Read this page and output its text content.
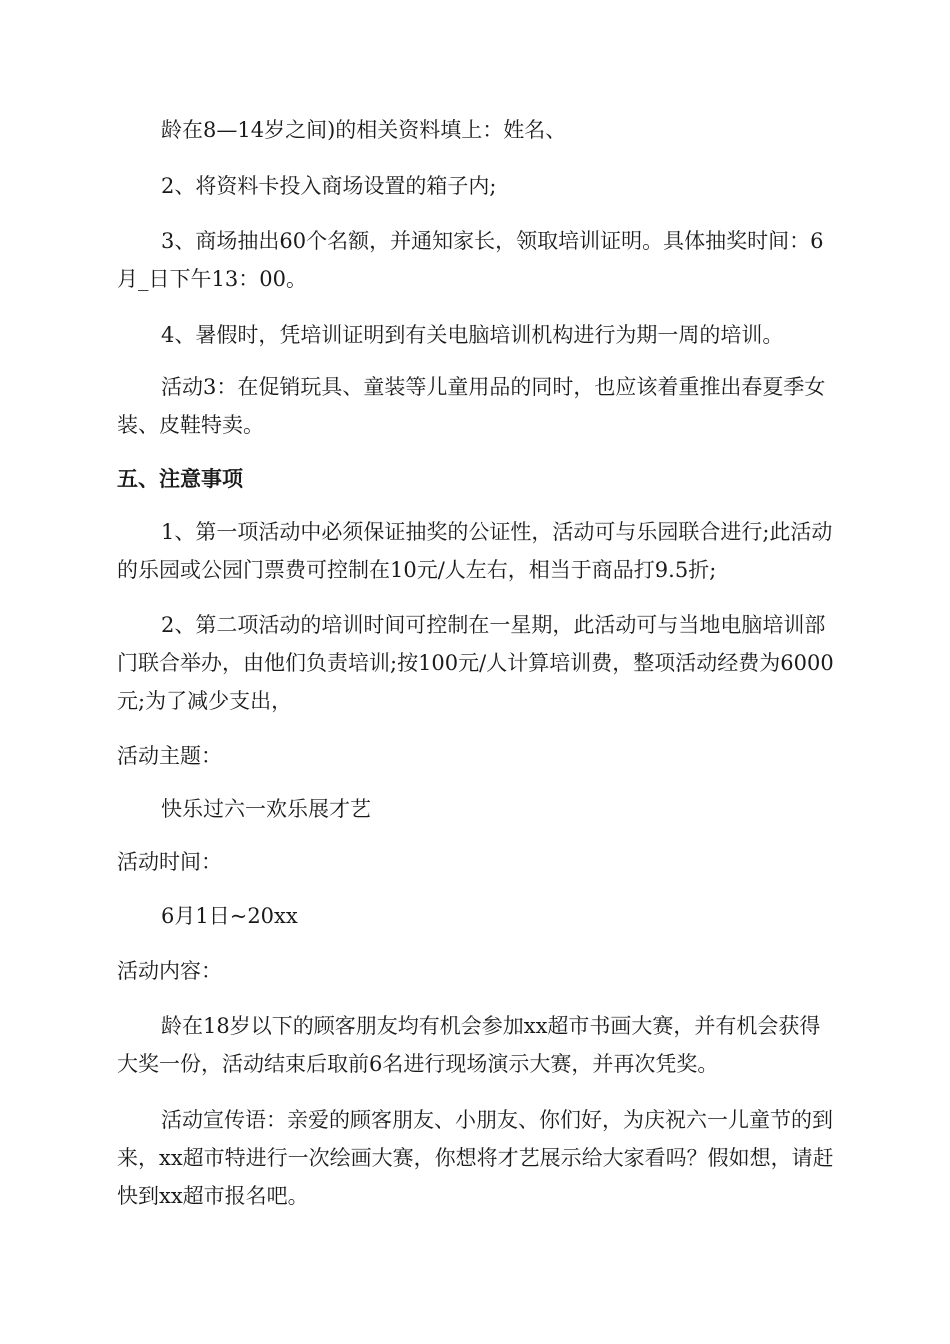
龄在8—14岁之间)的相关资料填上：姓名、

2、将资料卡投入商场设置的箱子内;

3、商场抽出60个名额，并通知家长，领取培训证明。具体抽奖时间：6月_日下午13：00。

4、暑假时，凭培训证明到有关电脑培训机构进行为期一周的培训。

活动3：在促销玩具、童装等儿童用品的同时，也应该着重推出春夏季女装、皮鞋特卖。

五、注意事项

1、第一项活动中必须保证抽奖的公证性，活动可与乐园联合进行;此活动的乐园或公园门票费可控制在10元/人左右，相当于商品打9.5折;

2、第二项活动的培训时间可控制在一星期，此活动可与当地电脑培训部门联合举办，由他们负责培训;按100元/人计算培训费，整项活动经费为6000元;为了减少支出，

活动主题：

快乐过六一欢乐展才艺

活动时间：

6月1日~20xx

活动内容：

龄在18岁以下的顾客朋友均有机会参加xx超市书画大赛，并有机会获得大奖一份，活动结束后取前6名进行现场演示大赛，并再次凭奖。

活动宣传语：亲爱的顾客朋友、小朋友、你们好，为庆祝六一儿童节的到来，xx超市特进行一次绘画大赛，你想将才艺展示给大家看吗？假如想，请赶快到xx超市报名吧。
